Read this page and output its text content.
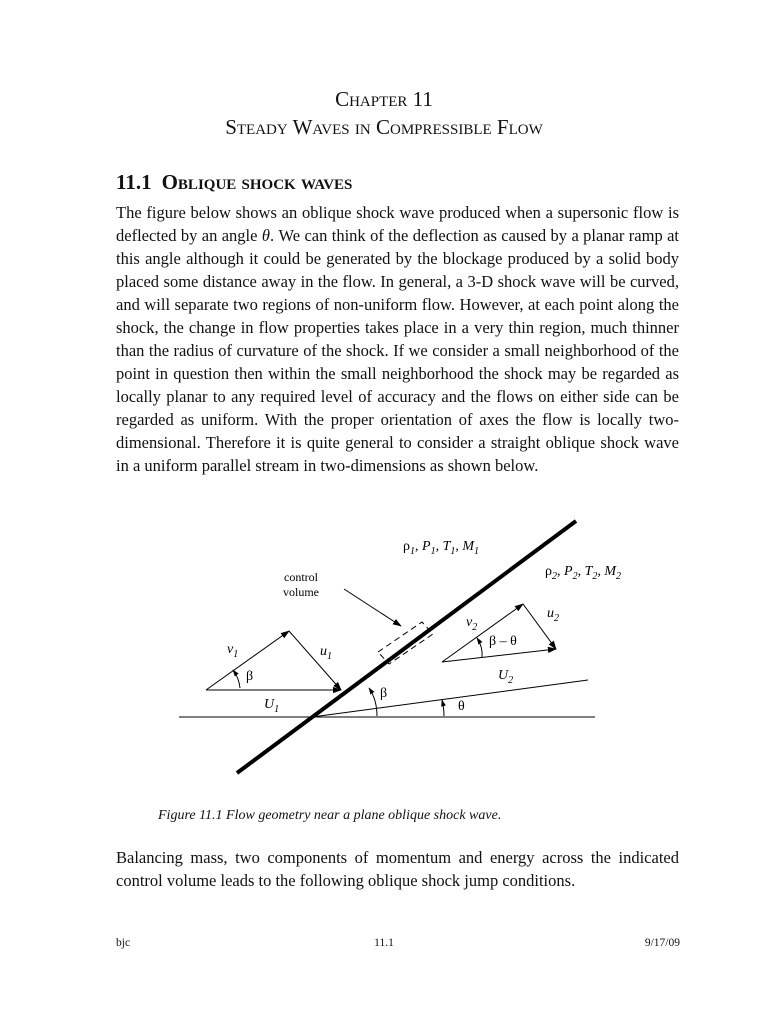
Chapter 11
Steady Waves in Compressible Flow
11.1 Oblique shock waves

The figure below shows an oblique shock wave produced when a supersonic flow is deflected by an angle θ. We can think of the deflection as caused by a planar ramp at this angle although it could be generated by the blockage produced by a solid body placed some distance away in the flow. In general, a 3-D shock wave will be curved, and will separate two regions of non-uniform flow. However, at each point along the shock, the change in flow properties takes place in a very thin region, much thinner than the radius of curvature of the shock. If we consider a small neighborhood of the point in question then within the small neighborhood the shock may be regarded as locally planar to any required level of accuracy and the flows on either side can be regarded as uniform. With the proper orientation of axes the flow is locally two-dimensional. Therefore it is quite general to consider a straight oblique shock wave in a uniform parallel stream in two-dimensions as shown below.

$\rho_1$, $P_1$, $T_1$, $M_1$
$\rho_2$, $P_2$, $T_2$, $M_2$
control
volume
$v_1$	$u_1$
$U_1$
$v_2$
$u_2$
$U_2$
β
β – θ
β
θ
Figure 11.1 Flow geometry near a plane oblique shock wave.

Balancing mass, two components of momentum and energy across the indicated control volume leads to the following oblique shock jump conditions.

bjc	11.1	9/17/09
